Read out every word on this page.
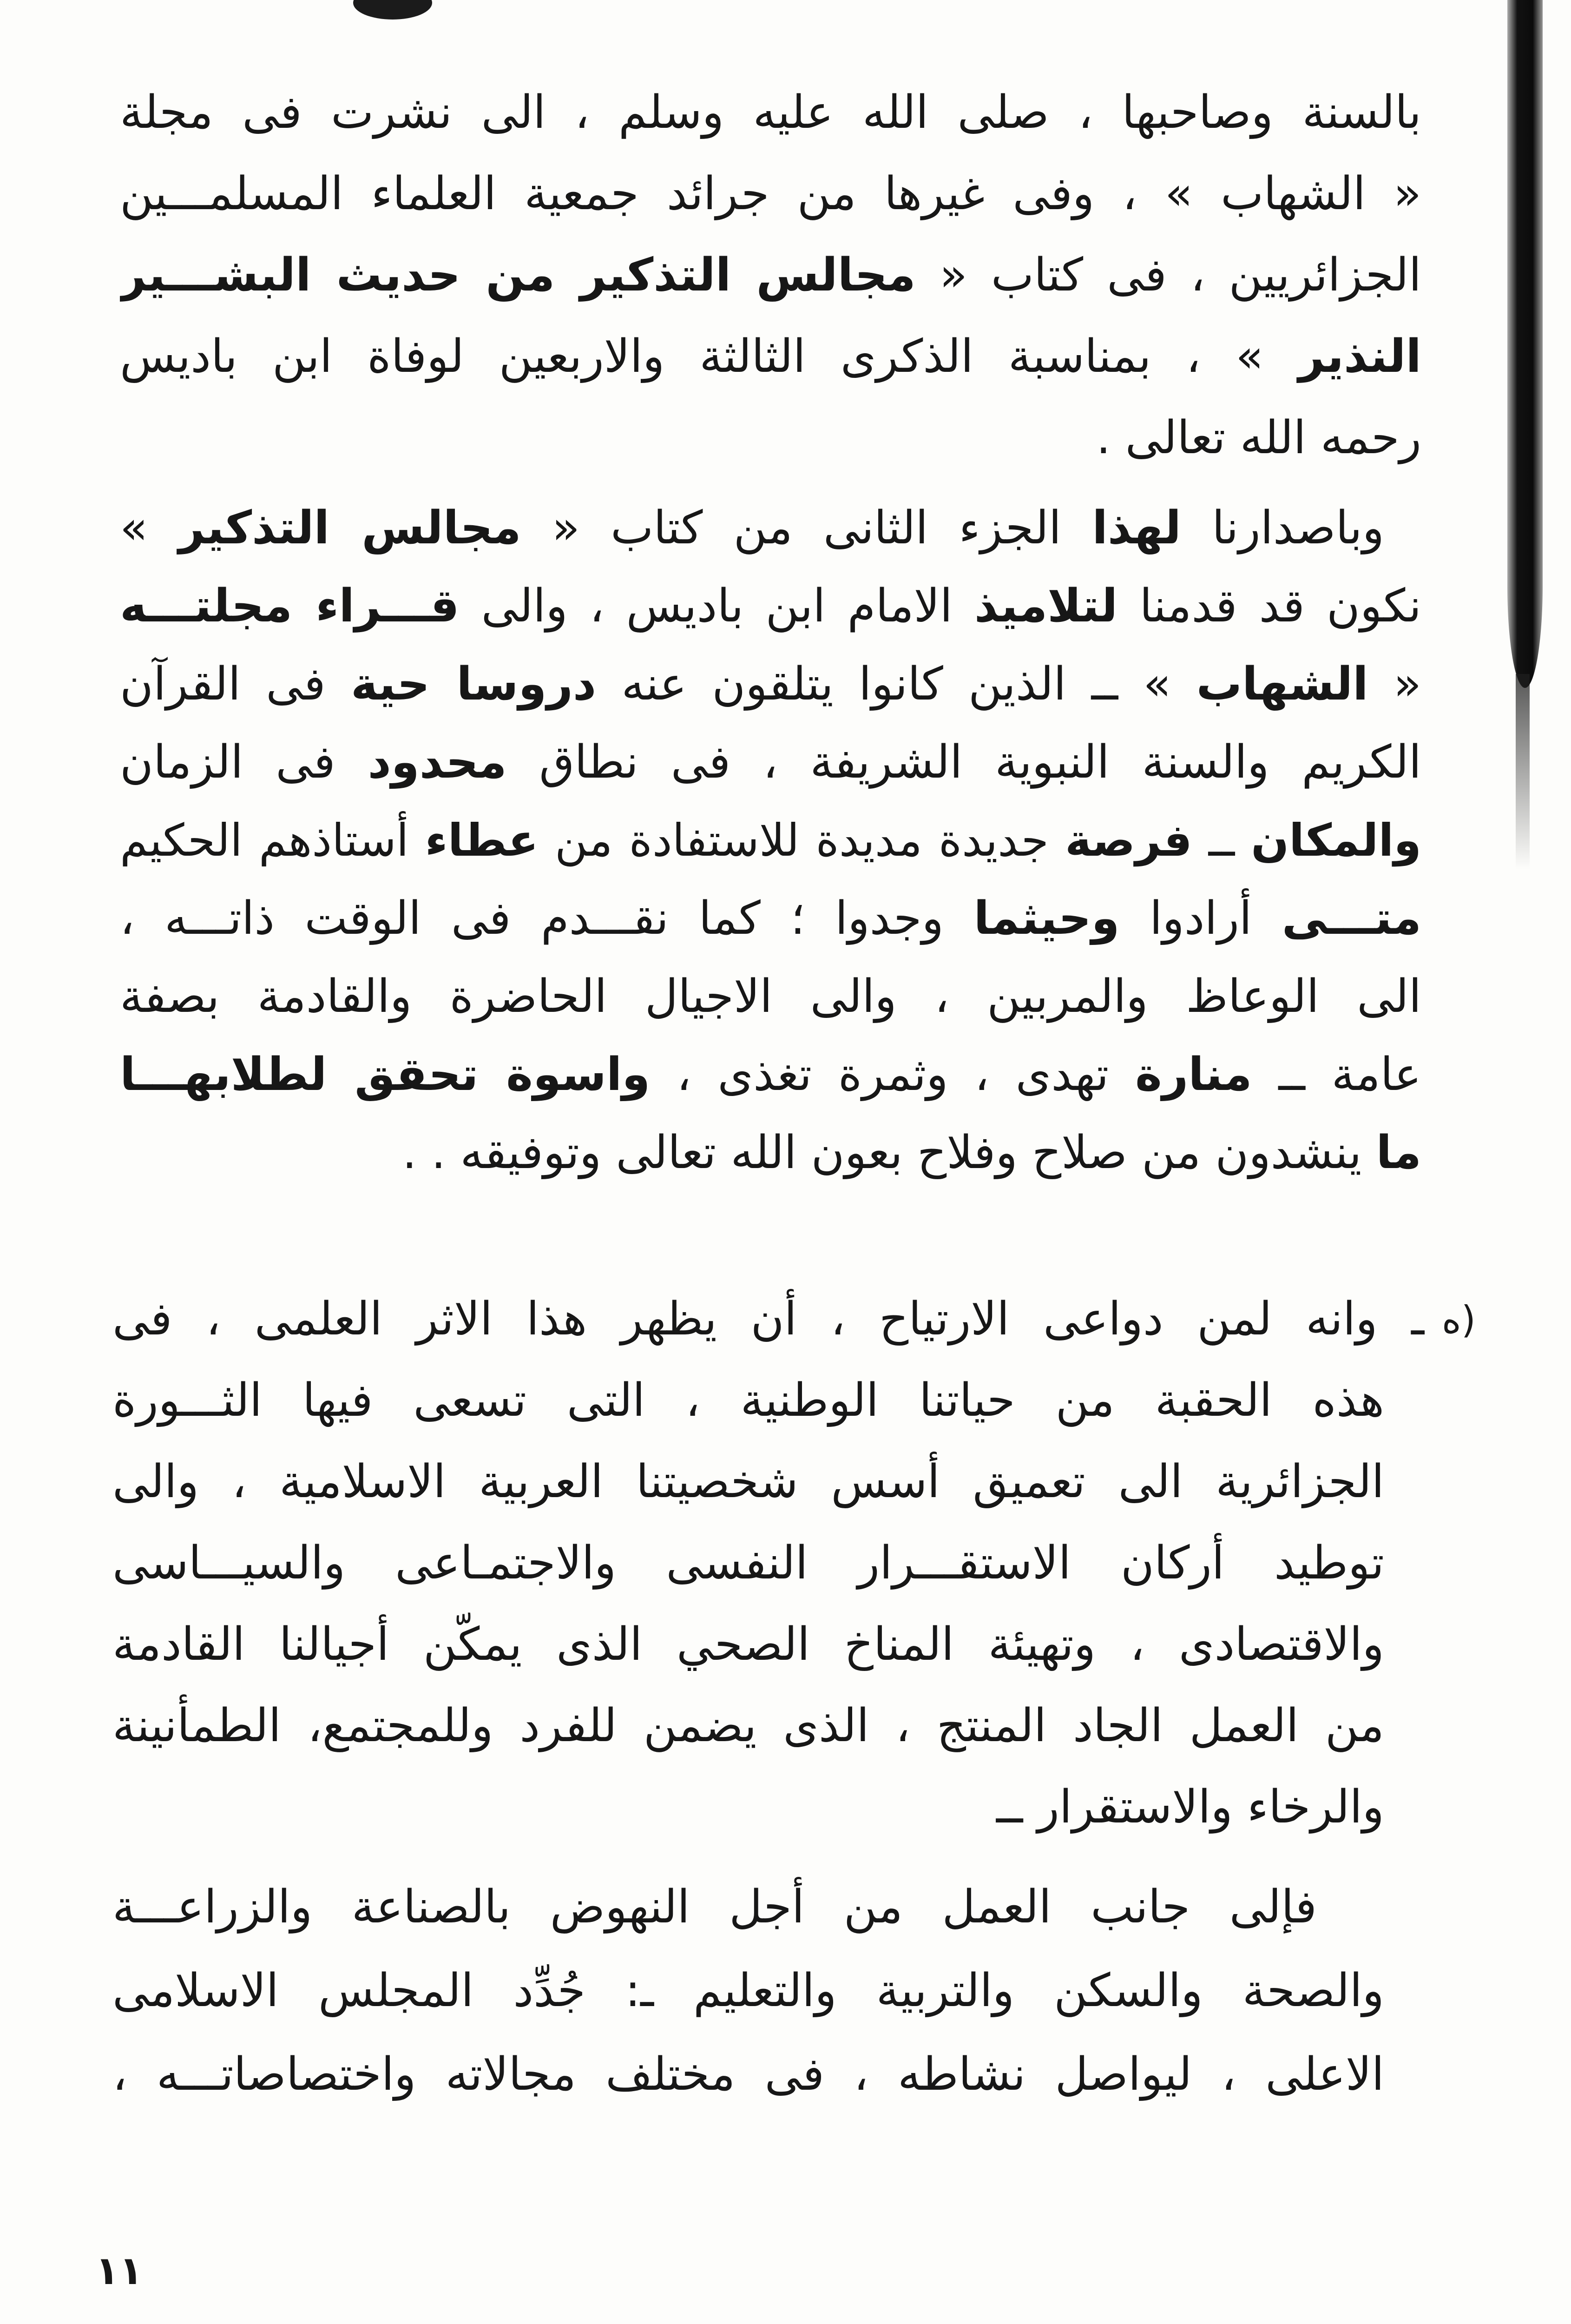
بالسنة وصاحبها ، صلى الله عليه وسلم ، الى نشرت فى مجلة
« الشهاب » ، وفى غيرها من جرائد جمعية العلماء المسلمـــين
الجزائريين ، فى كتاب « مجالس التذكير من حديث البشـــير
النذير » ، بمناسبة الذكرى الثالثة والاربعين لوفاة ابن باديس
رحمه الله تعالى .
وباصدارنا لهذا الجزء الثانى من كتاب « مجالس التذكير »
نكون قد قدمنا لتلاميذ الامام ابن باديس ، والى قـــراء مجلتـــه
« الشهاب » ــ الذين كانوا يتلقون عنه دروسا حية فى القرآن
الكريم والسنة النبوية الشريفة ، فى نطاق محدود فى الزمان
والمكان ــ فرصة جديدة مديدة للاستفادة من عطاء أستاذهم الحكيم
متـــى أرادوا وحيثما وجدوا ؛ كما نقـــدم فى الوقت ذاتـــه ،
الى الوعاظ والمربين ، والى الاجيال الحاضرة والقادمة بصفة
عامة ــ منارة تهدى ، وثمرة تغذى ، واسوة تحقق لطلابهـــا
ما ينشدون من صلاح وفلاح بعون الله تعالى وتوفيقه . .
ـ وانه لمن دواعى الارتياح ، أن يظهر هذا الاثر العلمى ، فى
هذه الحقبة من حياتنا الوطنية ، التى تسعى فيها الثـــورة
الجزائرية الى تعميق أسس شخصيتنا العربية الاسلامية ، والى
توطيد أركان الاستقـــرار النفسى والاجتمـاعى والسيـــاسى
والاقتصادى ، وتهيئة المناخ الصحي الذى يمكّن أجيالنا القادمة
من العمل الجاد المنتج ، الذى يضمن للفرد وللمجتمع، الطمأنينة
والرخاء والاستقرار ــ
فإلى جانب العمل من أجل النهوض بالصناعة والزراعـــة
والصحة والسكن والتربية والتعليم ـ: جُدِّد المجلس الاسلامى
الاعلى ، ليواصل نشاطه ، فى مختلف مجالاته واختصاصاتـــه ،
ه)
١١
